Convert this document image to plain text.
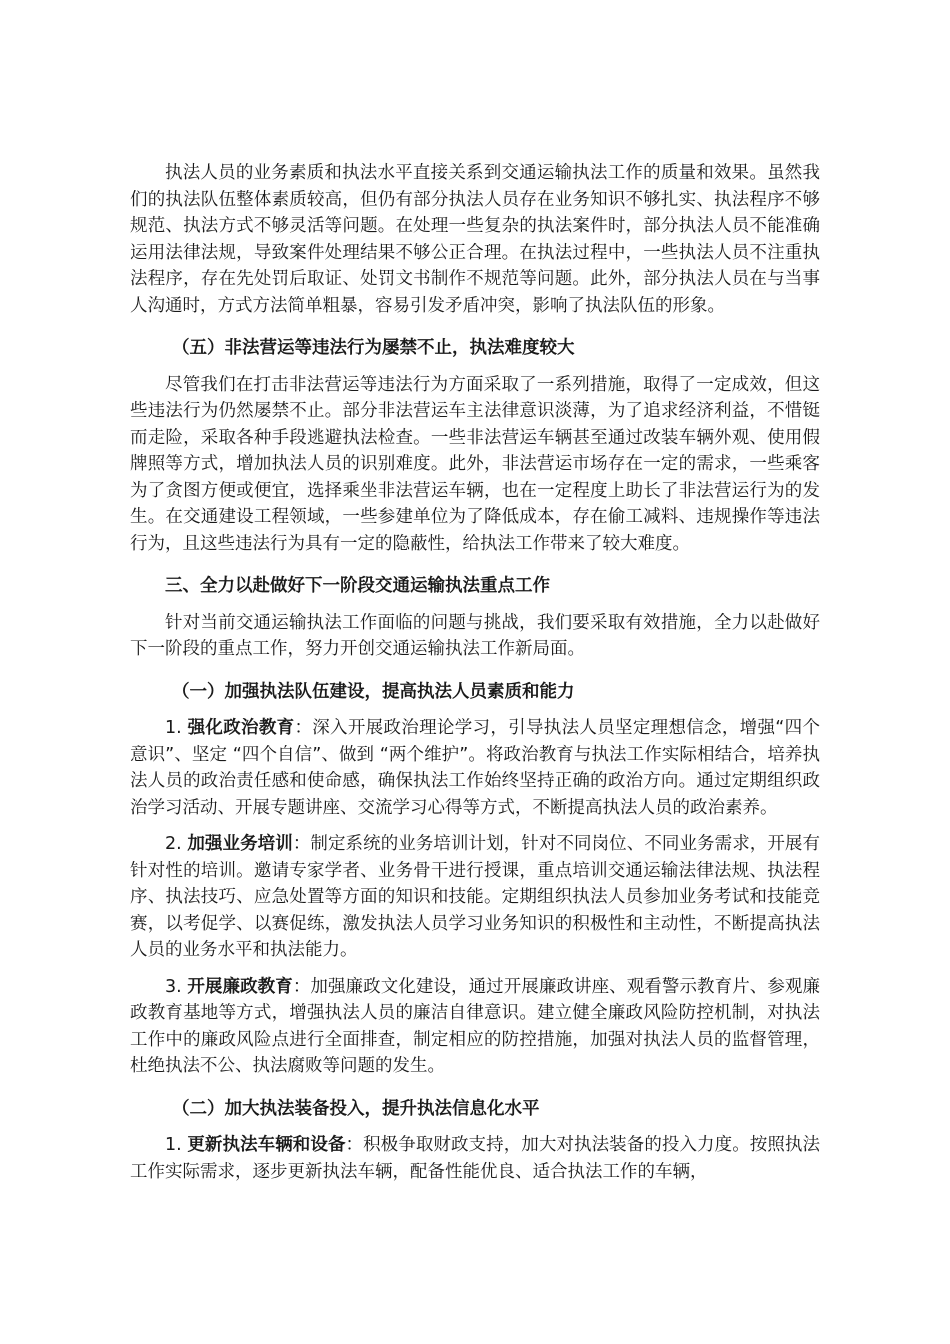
执法人员的业务素质和执法水平直接关系到交通运输执法工作的质量和效果。虽然我们的执法队伍整体素质较高，但仍有部分执法人员存在业务知识不够扎实、执法程序不够规范、执法方式不够灵活等问题。在处理一些复杂的执法案件时，部分执法人员不能准确运用法律法规，导致案件处理结果不够公正合理。在执法过程中，一些执法人员不注重执法程序，存在先处罚后取证、处罚文书制作不规范等问题。此外，部分执法人员在与当事人沟通时，方式方法简单粗暴，容易引发矛盾冲突，影响了执法队伍的形象。

（五）非法营运等违法行为屡禁不止，执法难度较大

尽管我们在打击非法营运等违法行为方面采取了一系列措施，取得了一定成效，但这些违法行为仍然屡禁不止。部分非法营运车主法律意识淡薄，为了追求经济利益，不惜铤而走险，采取各种手段逃避执法检查。一些非法营运车辆甚至通过改装车辆外观、使用假牌照等方式，增加执法人员的识别难度。此外，非法营运市场存在一定的需求，一些乘客为了贪图方便或便宜，选择乘坐非法营运车辆，也在一定程度上助长了非法营运行为的发生。在交通建设工程领域，一些参建单位为了降低成本，存在偷工减料、违规操作等违法行为，且这些违法行为具有一定的隐蔽性，给执法工作带来了较大难度。

三、全力以赴做好下一阶段交通运输执法重点工作

针对当前交通运输执法工作面临的问题与挑战，我们要采取有效措施，全力以赴做好下一阶段的重点工作，努力开创交通运输执法工作新局面。

（一）加强执法队伍建设，提高执法人员素质和能力

1. 强化政治教育：深入开展政治理论学习，引导执法人员坚定理想信念，增强“四个意识”、坚定 “四个自信”、做到 “两个维护”。将政治教育与执法工作实际相结合，培养执法人员的政治责任感和使命感，确保执法工作始终坚持正确的政治方向。通过定期组织政治学习活动、开展专题讲座、交流学习心得等方式，不断提高执法人员的政治素养。

2. 加强业务培训：制定系统的业务培训计划，针对不同岗位、不同业务需求，开展有针对性的培训。邀请专家学者、业务骨干进行授课，重点培训交通运输法律法规、执法程序、执法技巧、应急处置等方面的知识和技能。定期组织执法人员参加业务考试和技能竞赛，以考促学、以赛促练，激发执法人员学习业务知识的积极性和主动性，不断提高执法人员的业务水平和执法能力。

3. 开展廉政教育：加强廉政文化建设，通过开展廉政讲座、观看警示教育片、参观廉政教育基地等方式，增强执法人员的廉洁自律意识。建立健全廉政风险防控机制，对执法工作中的廉政风险点进行全面排查，制定相应的防控措施，加强对执法人员的监督管理，杜绝执法不公、执法腐败等问题的发生。

（二）加大执法装备投入，提升执法信息化水平

1. 更新执法车辆和设备：积极争取财政支持，加大对执法装备的投入力度。按照执法工作实际需求，逐步更新执法车辆，配备性能优良、适合执法工作的车辆，
